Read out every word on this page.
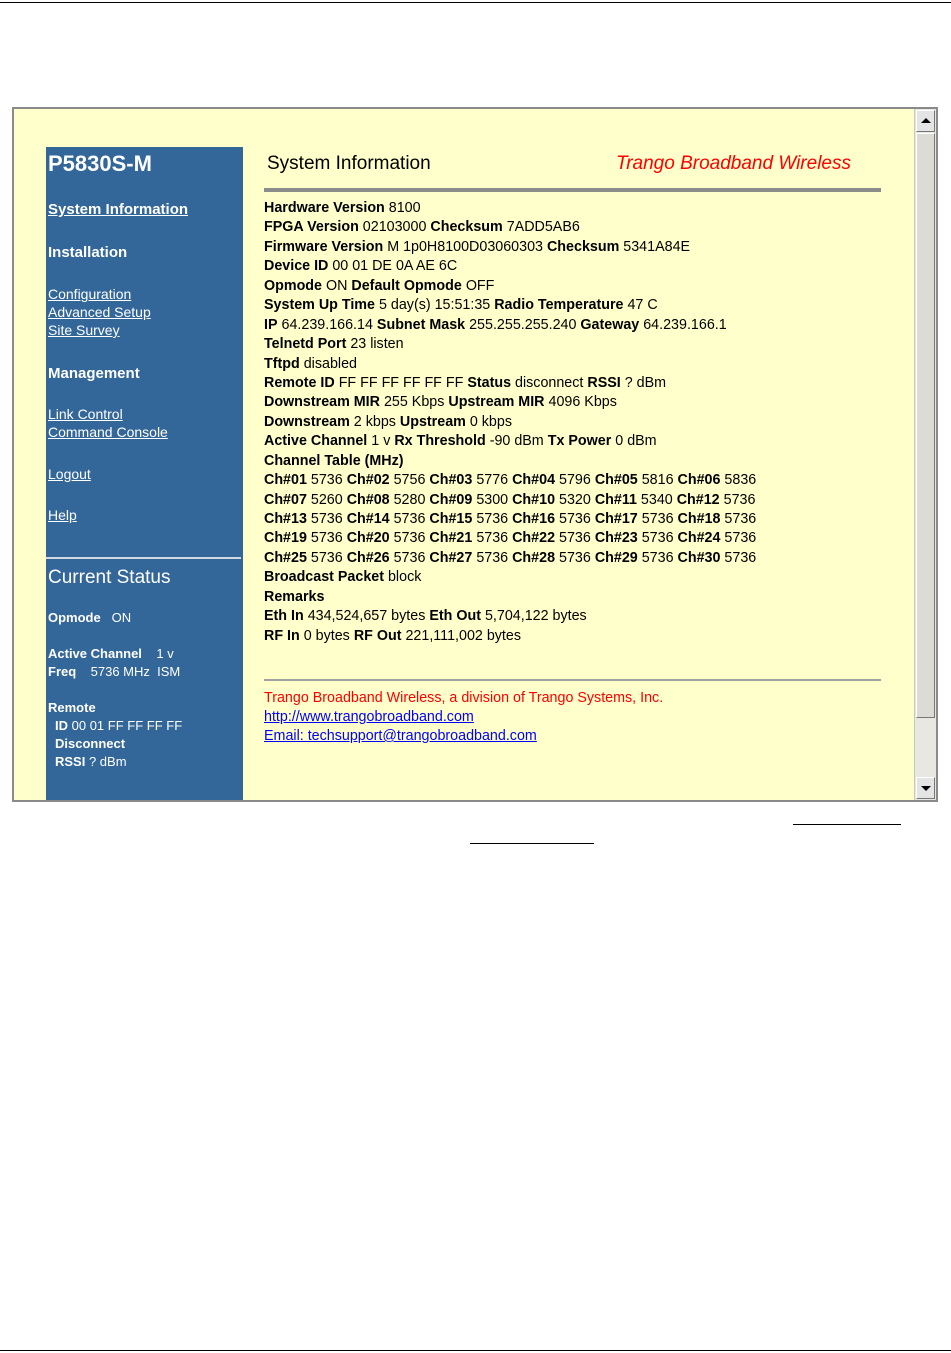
P5830S-M
System Information
Installation
Configuration
Advanced Setup
Site Survey
Management
Link Control
Command Console
Logout
Help
Current Status
Opmode ON
Active Channel 1 v
Freq 5736 MHz  ISM
Remote
ID 00 01 FF FF FF FF
Disconnect
RSSI ? dBm
System Information	Trango Broadband Wireless
Hardware Version 8100
FPGA Version 02103000 Checksum 7ADD5AB6
Firmware Version M 1p0H8100D03060303 Checksum 5341A84E
Device ID 00 01 DE 0A AE 6C
Opmode ON Default Opmode OFF
System Up Time 5 day(s) 15:51:35 Radio Temperature 47 C
IP 64.239.166.14 Subnet Mask 255.255.255.240 Gateway 64.239.166.1
Telnetd Port 23 listen
Tftpd disabled
Remote ID FF FF FF FF FF FF Status disconnect RSSI ? dBm
Downstream MIR 255 Kbps Upstream MIR 4096 Kbps
Downstream 2 kbps Upstream 0 kbps
Active Channel 1 v Rx Threshold -90 dBm Tx Power 0 dBm
Channel Table (MHz)
Ch#01 5736 Ch#02 5756 Ch#03 5776 Ch#04 5796 Ch#05 5816 Ch#06 5836
Ch#07 5260 Ch#08 5280 Ch#09 5300 Ch#10 5320 Ch#11 5340 Ch#12 5736
Ch#13 5736 Ch#14 5736 Ch#15 5736 Ch#16 5736 Ch#17 5736 Ch#18 5736
Ch#19 5736 Ch#20 5736 Ch#21 5736 Ch#22 5736 Ch#23 5736 Ch#24 5736
Ch#25 5736 Ch#26 5736 Ch#27 5736 Ch#28 5736 Ch#29 5736 Ch#30 5736
Broadcast Packet block
Remarks
Eth In 434,524,657 bytes Eth Out 5,704,122 bytes
RF In 0 bytes RF Out 221,111,002 bytes
Trango Broadband Wireless, a division of Trango Systems, Inc.
http://www.trangobroadband.com
Email: techsupport@trangobroadband.com
